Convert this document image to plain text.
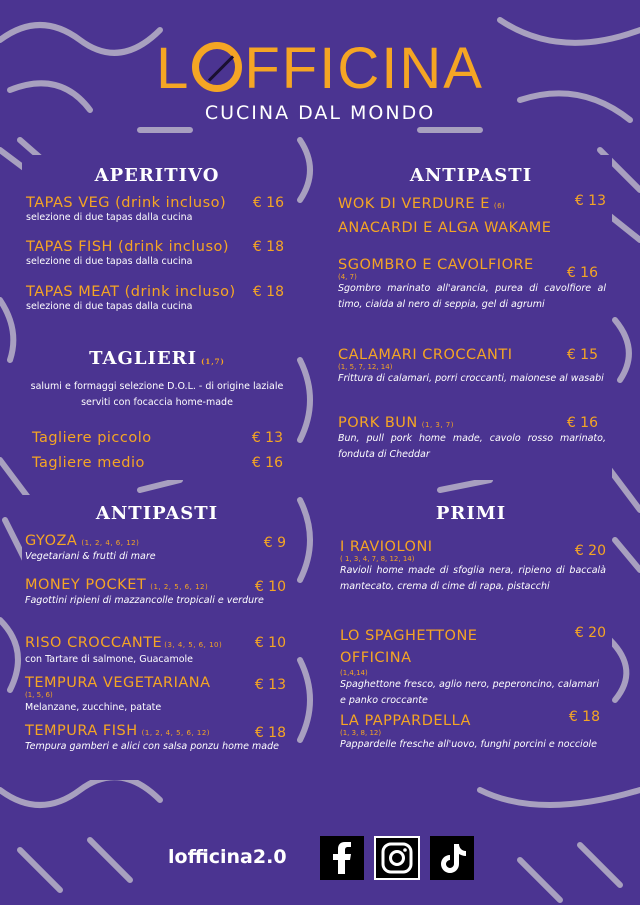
L FFICINA
CUCINA DAL MONDO
APERITIVO
TAPAS VEG (drink incluso)	€ 16
selezione di due tapas dalla cucina
TAPAS FISH (drink incluso)	€ 18
selezione di due tapas dalla cucina
TAPAS MEAT (drink incluso)	€ 18
selezione di due tapas dalla cucina
TAGLIERI (1,7)
salumi e formaggi selezione D.O.L. - di origine laziale serviti con focaccia home-made
Tagliere piccolo	€ 13
Tagliere medio	€ 16
ANTIPASTI
WOK DI VERDURE E (6)
ANACARDI E ALGA WAKAME
€ 13
SGOMBRO E CAVOLFIORE
(4, 7)	€ 16
Sgombro marinato all'arancia, purea di cavolfiore al timo, cialda al nero di seppia, gel di agrumi
CALAMARI CROCCANTI
(1, 5, 7, 12, 14)
€ 15
Frittura di calamari, porri croccanti, maionese al wasabi
PORK BUN (1, 3, 7)	€ 16
Bun, pull pork home made, cavolo rosso marinato, fonduta di Cheddar
ANTIPASTI
GYOZA (1, 2, 4, 6, 12)	€ 9
Vegetariani & frutti di mare
MONEY POCKET (1, 2, 5, 6, 12)	€ 10
Fagottini ripieni di mazzancolle tropicali e verdure
RISO CROCCANTE (3, 4, 5, 6, 10)	€ 10
con Tartare di salmone, Guacamole
TEMPURA VEGETARIANA
(1, 5, 6)
€ 13
Melanzane, zucchine, patate
TEMPURA FISH (1, 2, 4, 5, 6, 12)	€ 18
Tempura gamberi e alici con salsa ponzu home made
PRIMI
I RAVIOLONI
( 1, 3, 4, 7, 8, 12, 14)	€ 20
Ravioli home made di sfoglia nera, ripieno di baccalà mantecato, crema di cime di rapa, pistacchi
LO SPAGHETTONE
OFFICINA
(1,4,14)
€ 20
Spaghettone fresco, aglio nero, peperoncino, calamari e panko croccante
LA PAPPARDELLA
(1, 3, 8, 12)
€ 18
Pappardelle fresche all'uovo, funghi porcini e nocciole
lofficina2.0
